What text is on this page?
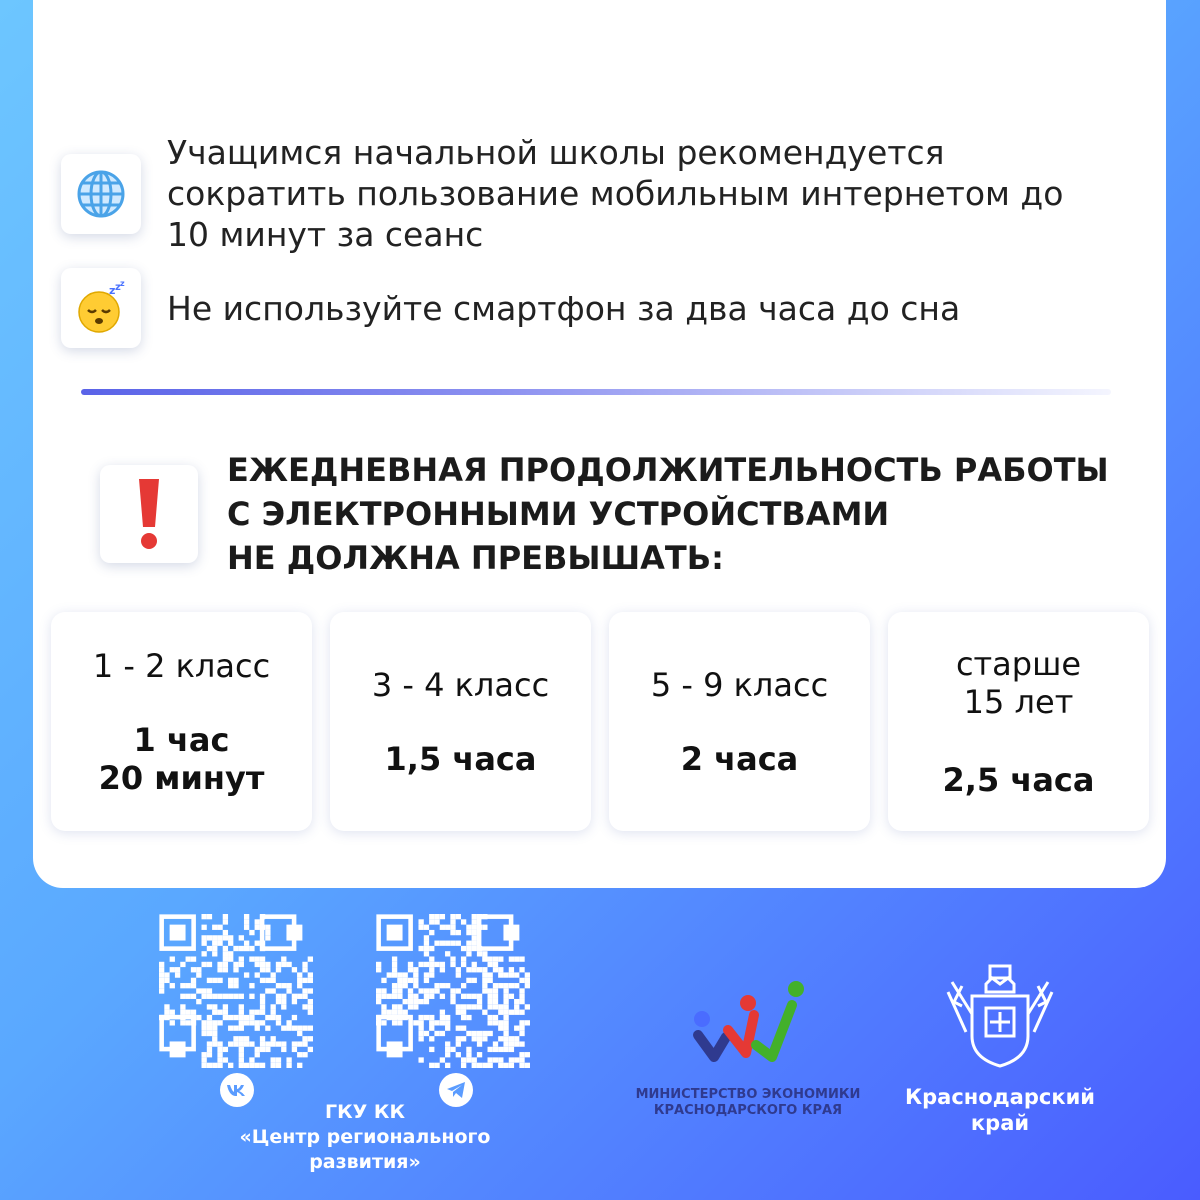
Учащимся начальной школы рекомендуется сократить пользование мобильным интернетом до 10 минут за сеанс
z z z
Не используйте смартфон за два часа до сна
ЕЖЕДНЕВНАЯ ПРОДОЛЖИТЕЛЬНОСТЬ РАБОТЫ
С ЭЛЕКТРОННЫМИ УСТРОЙСТВАМИ
НЕ ДОЛЖНА ПРЕВЫШАТЬ:
1 - 2 класс
1 час
20 минут
3 - 4 класс
1,5 часа
5 - 9 класс
2 часа
старше
15 лет
2,5 часа
ГКУ КК
«Центр регионального
развития»
МИНИСТЕРСТВО ЭКОНОМИКИ
КРАСНОДАРСКОГО КРАЯ
Краснодарский
край
